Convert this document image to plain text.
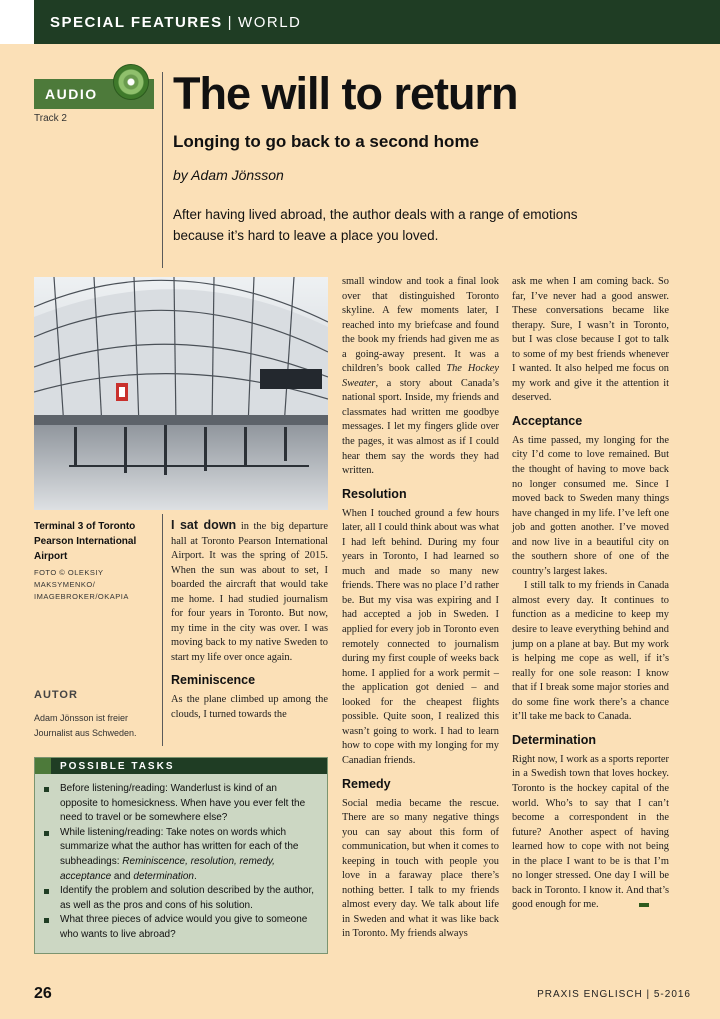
SPECIAL FEATURES | WORLD
AUDIO
Track 2 The will to return
Longing to go back to a second home
by Adam Jönsson

After having lived abroad, the author deals with a range of emotions because it’s hard to leave a place you loved.

Terminal 3 of Toronto Pearson International Airport
FOTO © OLEKSIY MAKSYMENKO/ IMAGEBROKER/OKAPIA
AUTOR
Adam Jönsson ist freier Journalist aus Schweden.

I sat down in the big departure hall at Toronto Pearson International Airport. It was the spring of 2015. When the sun was about to set, I boarded the aircraft that would take me home. I had studied journalism for four years in Toronto. But now, my time in the city was over. I was moving back to my native Sweden to start my life over once again.

Reminiscence

As the plane climbed up among the clouds, I turned towards the

small window and took a final look over that distinguished Toronto skyline. A few moments later, I reached into my briefcase and found the book my friends had given me as a going-away present. It was a children’s book called The Hockey Sweater, a story about Canada’s national sport. Inside, my friends and classmates had written me goodbye messages. I let my fingers glide over the pages, it was almost as if I could hear them say the words they had written.

Resolution

When I touched ground a few hours later, all I could think about was what I had left behind. During my four years in Toronto, I had learned so much and made so many new friends. There was no place I’d rather be. But my visa was expiring and I had accepted a job in Sweden. I applied for every job in Toronto even remotely connected to journalism during my first couple of weeks back home. I applied for a work permit – the application got denied – and looked for the cheapest flights possible. Quite soon, I realized this wasn’t going to work. I had to learn how to cope with my longing for my Canadian friends.

Remedy

Social media became the rescue. There are so many negative things you can say about this form of communication, but when it comes to keeping in touch with people you love in a faraway place there’s nothing better. I talk to my friends almost every day. We talk about life in Sweden and what it was like back in Toronto. My friends always

ask me when I am coming back. So far, I’ve never had a good answer. These conversations became like therapy. Sure, I wasn’t in Toronto, but I was close because I got to talk to some of my best friends whenever I wanted. It also helped me focus on my work and give it the attention it deserved.

Acceptance

As time passed, my longing for the city I’d come to love remained. But the thought of having to move back no longer consumed me. Since I moved back to Sweden many things have changed in my life. I’ve left one job and gotten another. I’ve moved and now live in a beautiful city on the southern shore of one of the country’s largest lakes.

I still talk to my friends in Canada almost every day. It continues to function as a medicine to keep my desire to leave everything behind and jump on a plane at bay. But my work is helping me cope as well, if it’s really for one sole reason: I know that if I break some major stories and do some fine work there’s a chance it’ll take me back to Canada.

Determination

Right now, I work as a sports reporter in a Swedish town that loves hockey. Toronto is the hockey capital of the world. Who’s to say that I can’t become a correspondent in the future? Another aspect of having learned how to cope with not being in the place I want to be is that I’m no longer stressed. One day I will be back in Toronto. I know it. And that’s good enough for me.

POSSIBLE TASKS
Before listening/reading: Wanderlust is kind of an opposite to homesickness. When have you ever felt the need to travel or be somewhere else?
While listening/reading: Take notes on words which summarize what the author has written for each of the subheadings: Reminiscence, resolution, remedy, acceptance and determination.
Identify the problem and solution described by the author, as well as the pros and cons of his solution.
What three pieces of advice would you give to someone who wants to live abroad?
26	PRAXIS ENGLISCH | 5-2016
